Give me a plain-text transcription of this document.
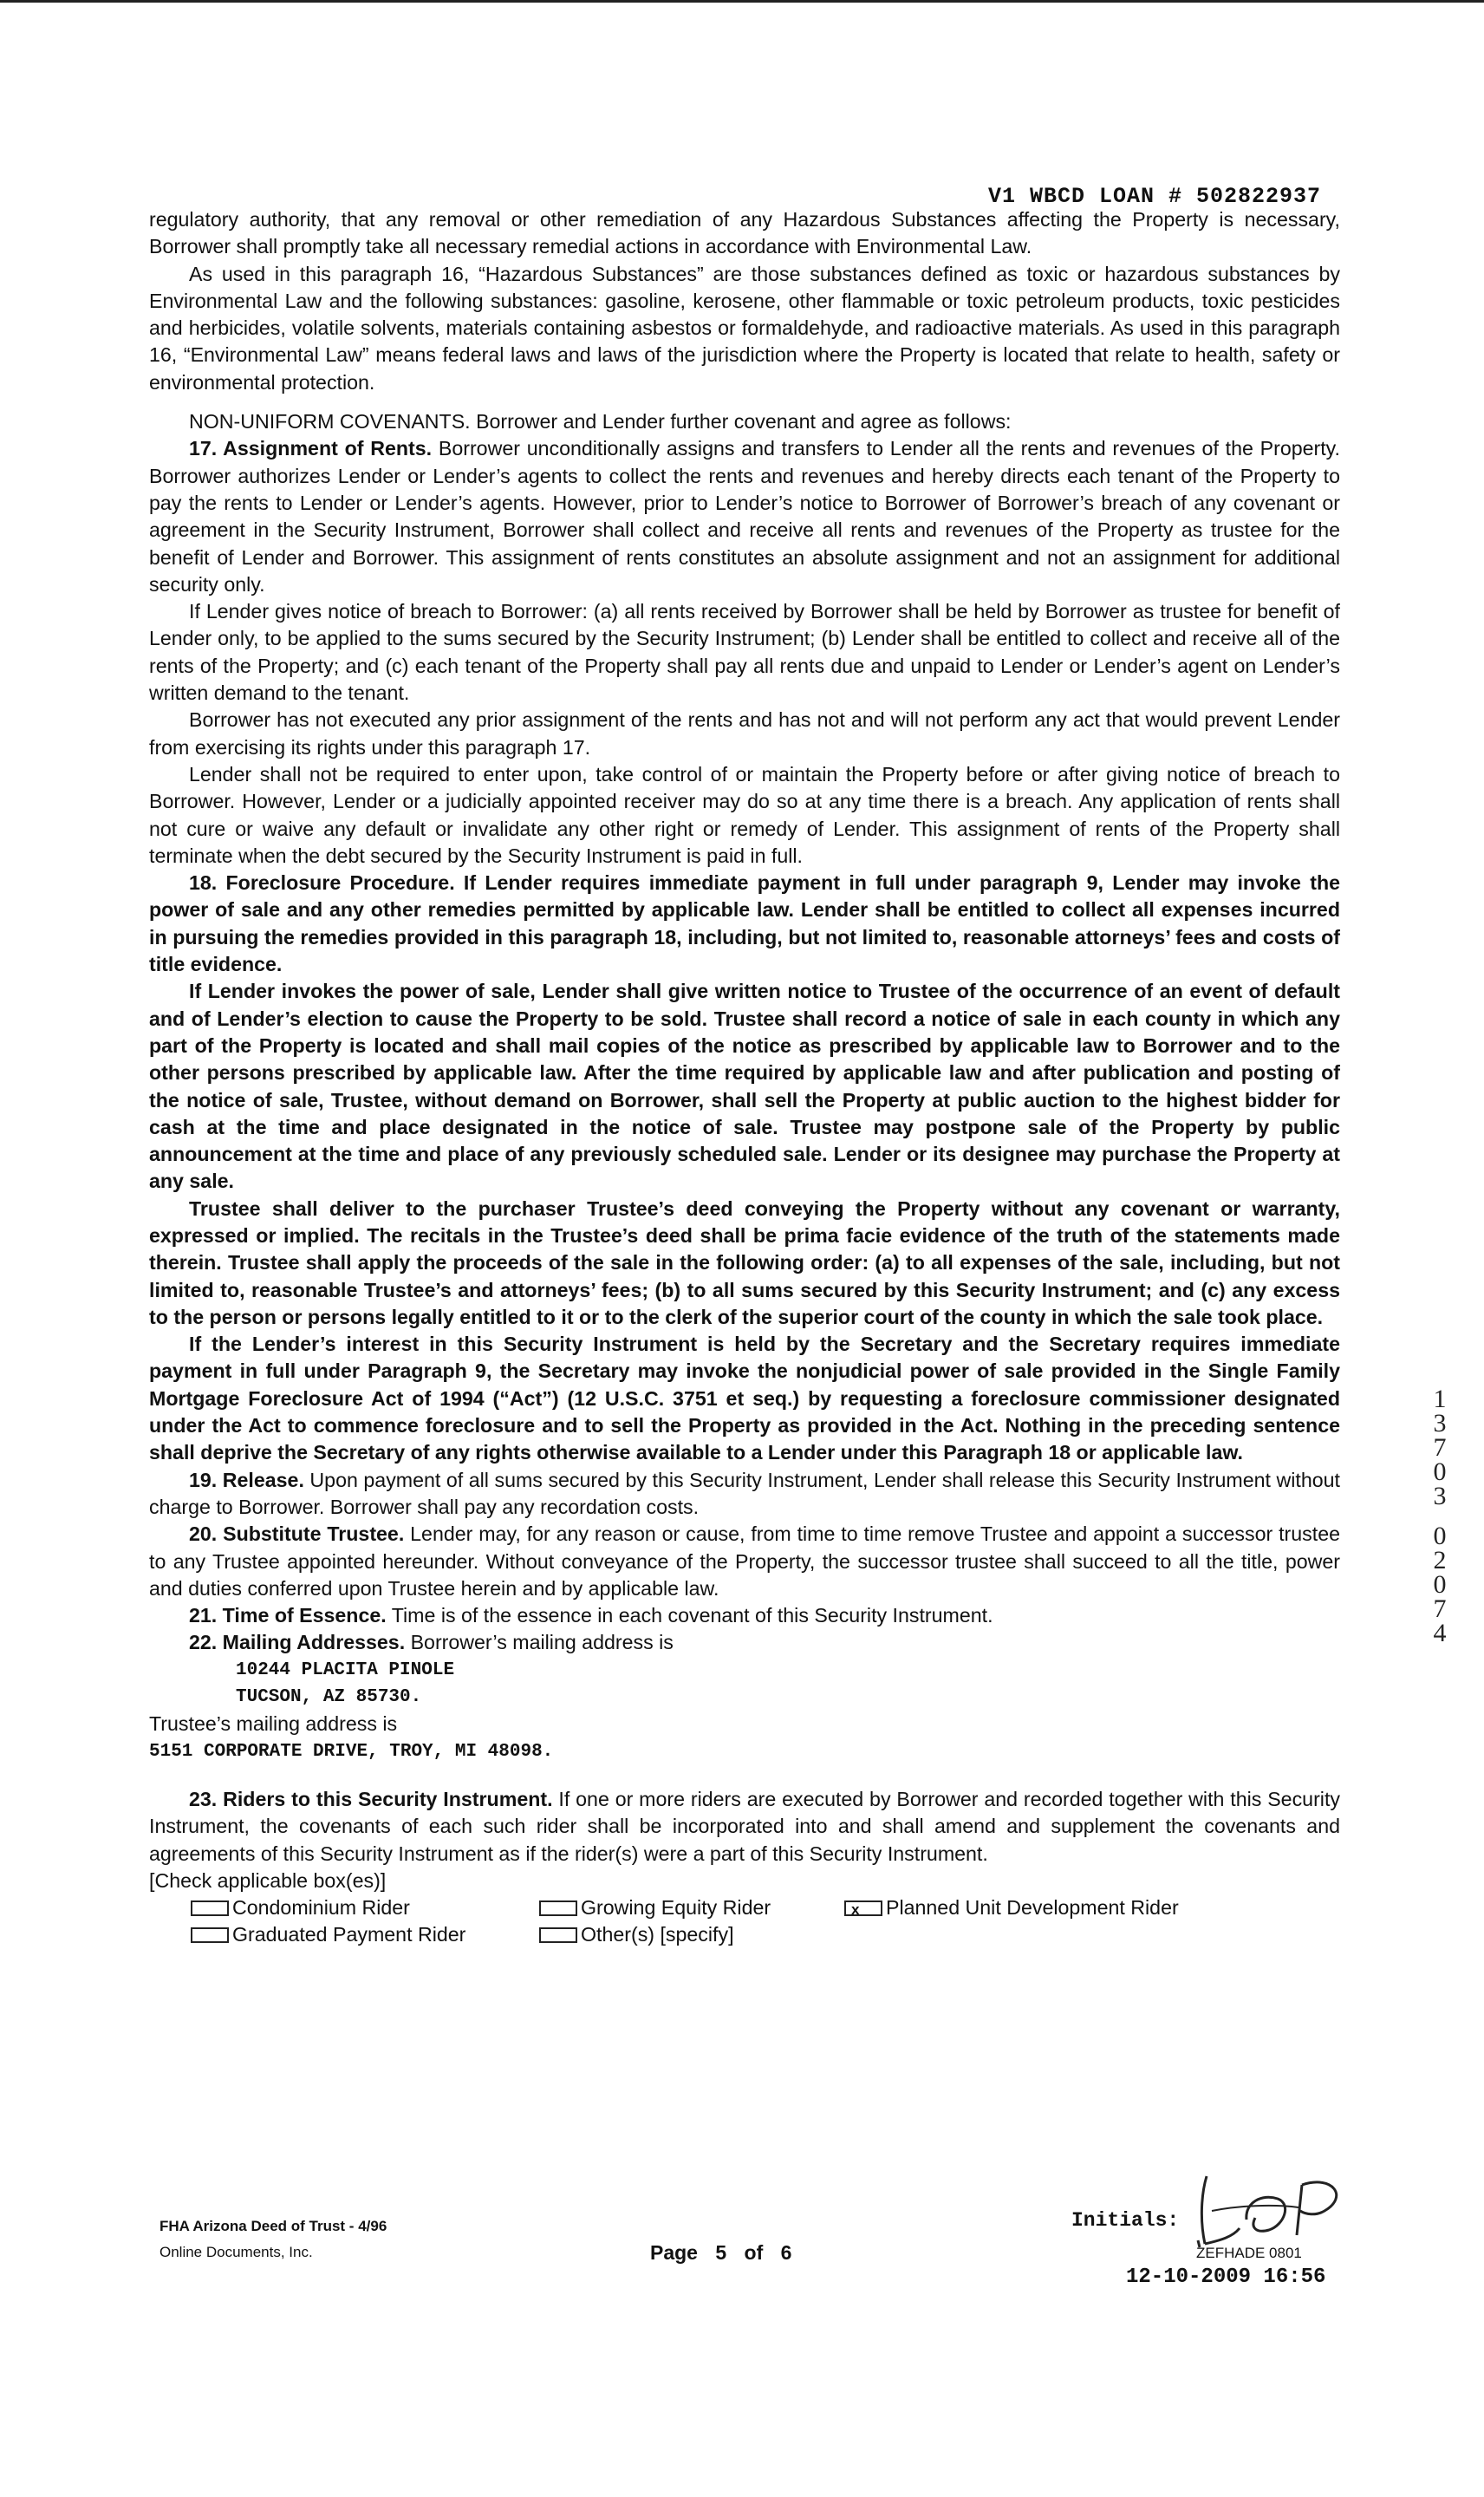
V1 WBCD LOAN # 502822937

regulatory authority, that any removal or other remediation of any Hazardous Substances affecting the Property is necessary, Borrower shall promptly take all necessary remedial actions in accordance with Environmental Law.

As used in this paragraph 16, “Hazardous Substances” are those substances defined as toxic or hazardous substances by Environmental Law and the following substances: gasoline, kerosene, other flammable or toxic petroleum products, toxic pesticides and herbicides, volatile solvents, materials containing asbestos or formaldehyde, and radioactive materials. As used in this paragraph 16, “Environmental Law” means federal laws and laws of the jurisdiction where the Property is located that relate to health, safety or environmental protection.

NON-UNIFORM COVENANTS. Borrower and Lender further covenant and agree as follows:

17. Assignment of Rents. Borrower unconditionally assigns and transfers to Lender all the rents and revenues of the Property. Borrower authorizes Lender or Lender’s agents to collect the rents and revenues and hereby directs each tenant of the Property to pay the rents to Lender or Lender’s agents. However, prior to Lender’s notice to Borrower of Borrower’s breach of any covenant or agreement in the Security Instrument, Borrower shall collect and receive all rents and revenues of the Property as trustee for the benefit of Lender and Borrower. This assignment of rents constitutes an absolute assignment and not an assignment for additional security only.

If Lender gives notice of breach to Borrower: (a) all rents received by Borrower shall be held by Borrower as trustee for benefit of Lender only, to be applied to the sums secured by the Security Instrument; (b) Lender shall be entitled to collect and receive all of the rents of the Property; and (c) each tenant of the Property shall pay all rents due and unpaid to Lender or Lender’s agent on Lender’s written demand to the tenant.

Borrower has not executed any prior assignment of the rents and has not and will not perform any act that would prevent Lender from exercising its rights under this paragraph 17.

Lender shall not be required to enter upon, take control of or maintain the Property before or after giving notice of breach to Borrower. However, Lender or a judicially appointed receiver may do so at any time there is a breach. Any application of rents shall not cure or waive any default or invalidate any other right or remedy of Lender. This assignment of rents of the Property shall terminate when the debt secured by the Security Instrument is paid in full.

18. Foreclosure Procedure. If Lender requires immediate payment in full under paragraph 9, Lender may invoke the power of sale and any other remedies permitted by applicable law. Lender shall be entitled to collect all expenses incurred in pursuing the remedies provided in this paragraph 18, including, but not limited to, reasonable attorneys’ fees and costs of title evidence.

If Lender invokes the power of sale, Lender shall give written notice to Trustee of the occurrence of an event of default and of Lender’s election to cause the Property to be sold. Trustee shall record a notice of sale in each county in which any part of the Property is located and shall mail copies of the notice as prescribed by applicable law to Borrower and to the other persons prescribed by applicable law. After the time required by applicable law and after publication and posting of the notice of sale, Trustee, without demand on Borrower, shall sell the Property at public auction to the highest bidder for cash at the time and place designated in the notice of sale. Trustee may postpone sale of the Property by public announcement at the time and place of any previously scheduled sale. Lender or its designee may purchase the Property at any sale.

Trustee shall deliver to the purchaser Trustee’s deed conveying the Property without any covenant or warranty, expressed or implied. The recitals in the Trustee’s deed shall be prima facie evidence of the truth of the statements made therein. Trustee shall apply the proceeds of the sale in the following order: (a) to all expenses of the sale, including, but not limited to, reasonable Trustee’s and attorneys’ fees; (b) to all sums secured by this Security Instrument; and (c) any excess to the person or persons legally entitled to it or to the clerk of the superior court of the county in which the sale took place.

If the Lender’s interest in this Security Instrument is held by the Secretary and the Secretary requires immediate payment in full under Paragraph 9, the Secretary may invoke the nonjudicial power of sale provided in the Single Family Mortgage Foreclosure Act of 1994 (“Act”) (12 U.S.C. 3751 et seq.) by requesting a foreclosure commissioner designated under the Act to commence foreclosure and to sell the Property as provided in the Act. Nothing in the preceding sentence shall deprive the Secretary of any rights otherwise available to a Lender under this Paragraph 18 or applicable law.

19. Release. Upon payment of all sums secured by this Security Instrument, Lender shall release this Security Instrument without charge to Borrower. Borrower shall pay any recordation costs.

20. Substitute Trustee. Lender may, for any reason or cause, from time to time remove Trustee and appoint a successor trustee to any Trustee appointed hereunder. Without conveyance of the Property, the successor trustee shall succeed to all the title, power and duties conferred upon Trustee herein and by applicable law.

21. Time of Essence. Time is of the essence in each covenant of this Security Instrument.

22. Mailing Addresses. Borrower’s mailing address is

10244 PLACITA PINOLE

TUCSON, AZ 85730.

Trustee’s mailing address is

5151 CORPORATE DRIVE, TROY, MI 48098.

23. Riders to this Security Instrument. If one or more riders are executed by Borrower and recorded together with this Security Instrument, the covenants of each such rider shall be incorporated into and shall amend and supplement the covenants and agreements of this Security Instrument as if the rider(s) were a part of this Security Instrument.

[Check applicable box(es)]

Condominium Rider	Growing Equity Rider	x	Planned Unit Development Rider
Graduated Payment Rider	Other(s) [specify]
1
3
7
0
3
0
2
0
7
4
FHA Arizona Deed of Trust - 4/96
Online Documents, Inc.	Page 5 of 6
Initials:
ZEFHADE 0801
12-10-2009 16:56
